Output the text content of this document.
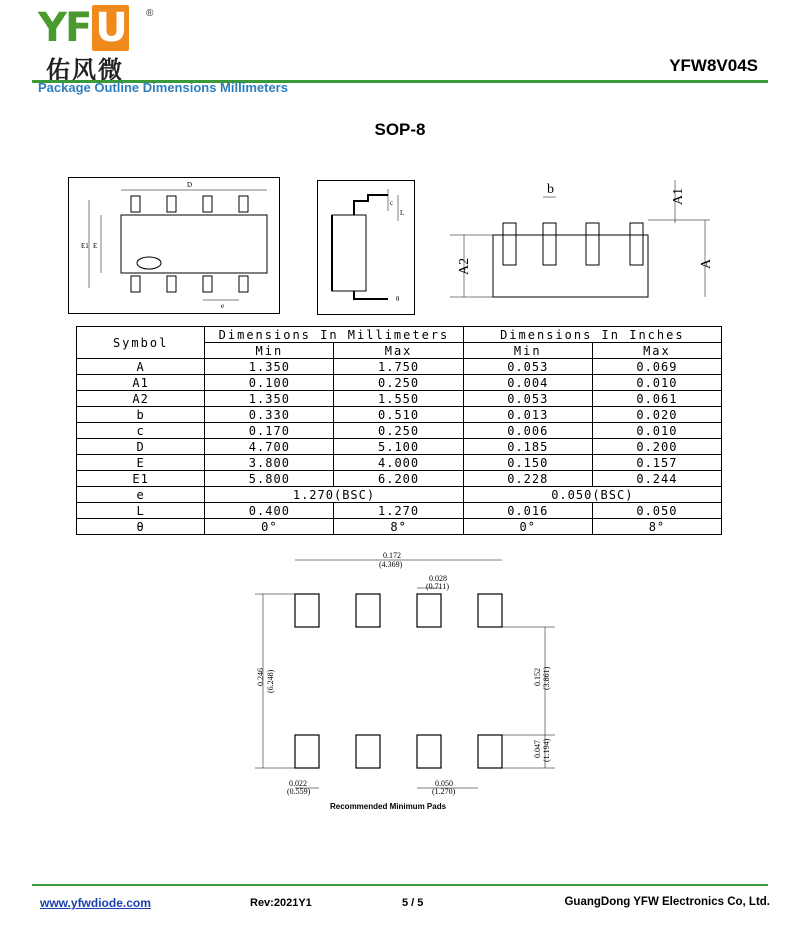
YF U	®
佑风微	YFW8V04S
Package Outline Dimensions Millimeters
SOP-8
D
E1 E
e
c
L
θ
b	A1
A2	A
Symbol	Dimensions In Millimeters		Dimensions In Inches	
	Min	Max	Min	Max
A	1.350	1.750	0.053	0.069
A1	0.100	0.250	0.004	0.010
A2	1.350	1.550	0.053	0.061
b	0.330	0.510	0.013	0.020
c	0.170	0.250	0.006	0.010
D	4.700	5.100	0.185	0.200
E	3.800	4.000	0.150	0.157
E1	5.800	6.200	0.228	0.244
e	1.270(BSC)		0.050(BSC)	
L	0.400	1.270	0.016	0.050
θ	0°	8°	0°	8°
0.172
(4.369)
0.028
(0.711)
0.246 (6.248)	0.152 (3.861)
0.047 (1.194)
0.022
(0.559)
0.050
(1.270)
Recommended Minimum Pads
www.yfwdiode.com	Rev:2021Y1	5 / 5	GuangDong YFW Electronics Co, Ltd.
